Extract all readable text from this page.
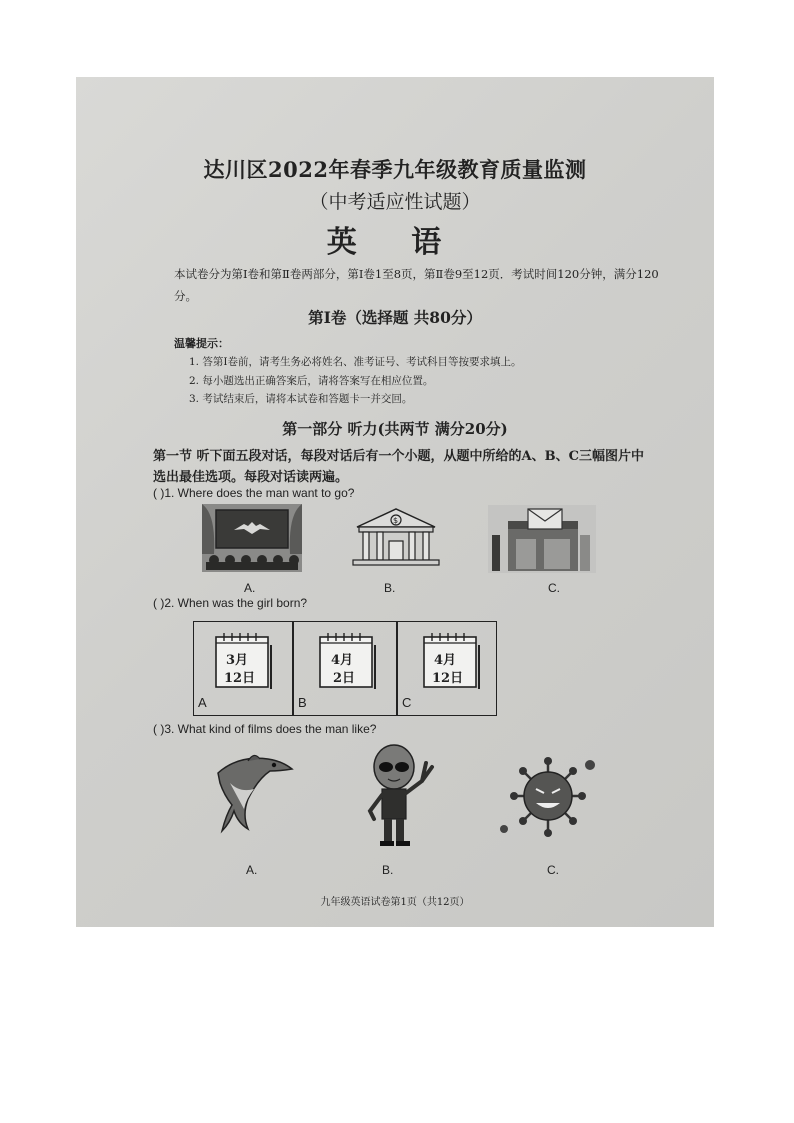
达川区2022年春季九年级教育质量监测
（中考适应性试题）
英 语
本试卷分为第Ⅰ卷和第Ⅱ卷两部分，第Ⅰ卷1至8页，第Ⅱ卷9至12页．考试时间120分钟，满分120分。
第Ⅰ卷（选择题 共80分）
温馨提示：
1. 答第Ⅰ卷前，请考生务必将姓名、准考证号、考试科目等按要求填上。
2. 每小题选出正确答案后，请将答案写在相应位置。
3. 考试结束后，请将本试卷和答题卡一并交回。
第一部分 听力(共两节 满分20分)
第一节 听下面五段对话，每段对话后有一个小题，从题中所给的A、B、C三幅图片中选出最佳选项。每段对话读两遍。
( )1. Where does the man want to go?
A.
$
B.	C.
( )2. When was the girl born?
3月
12日
A
4月
2日
B
4月
12日
C
( )3. What kind of films does the man like?
A.	B.	C.
九年级英语试卷第1页（共12页）
